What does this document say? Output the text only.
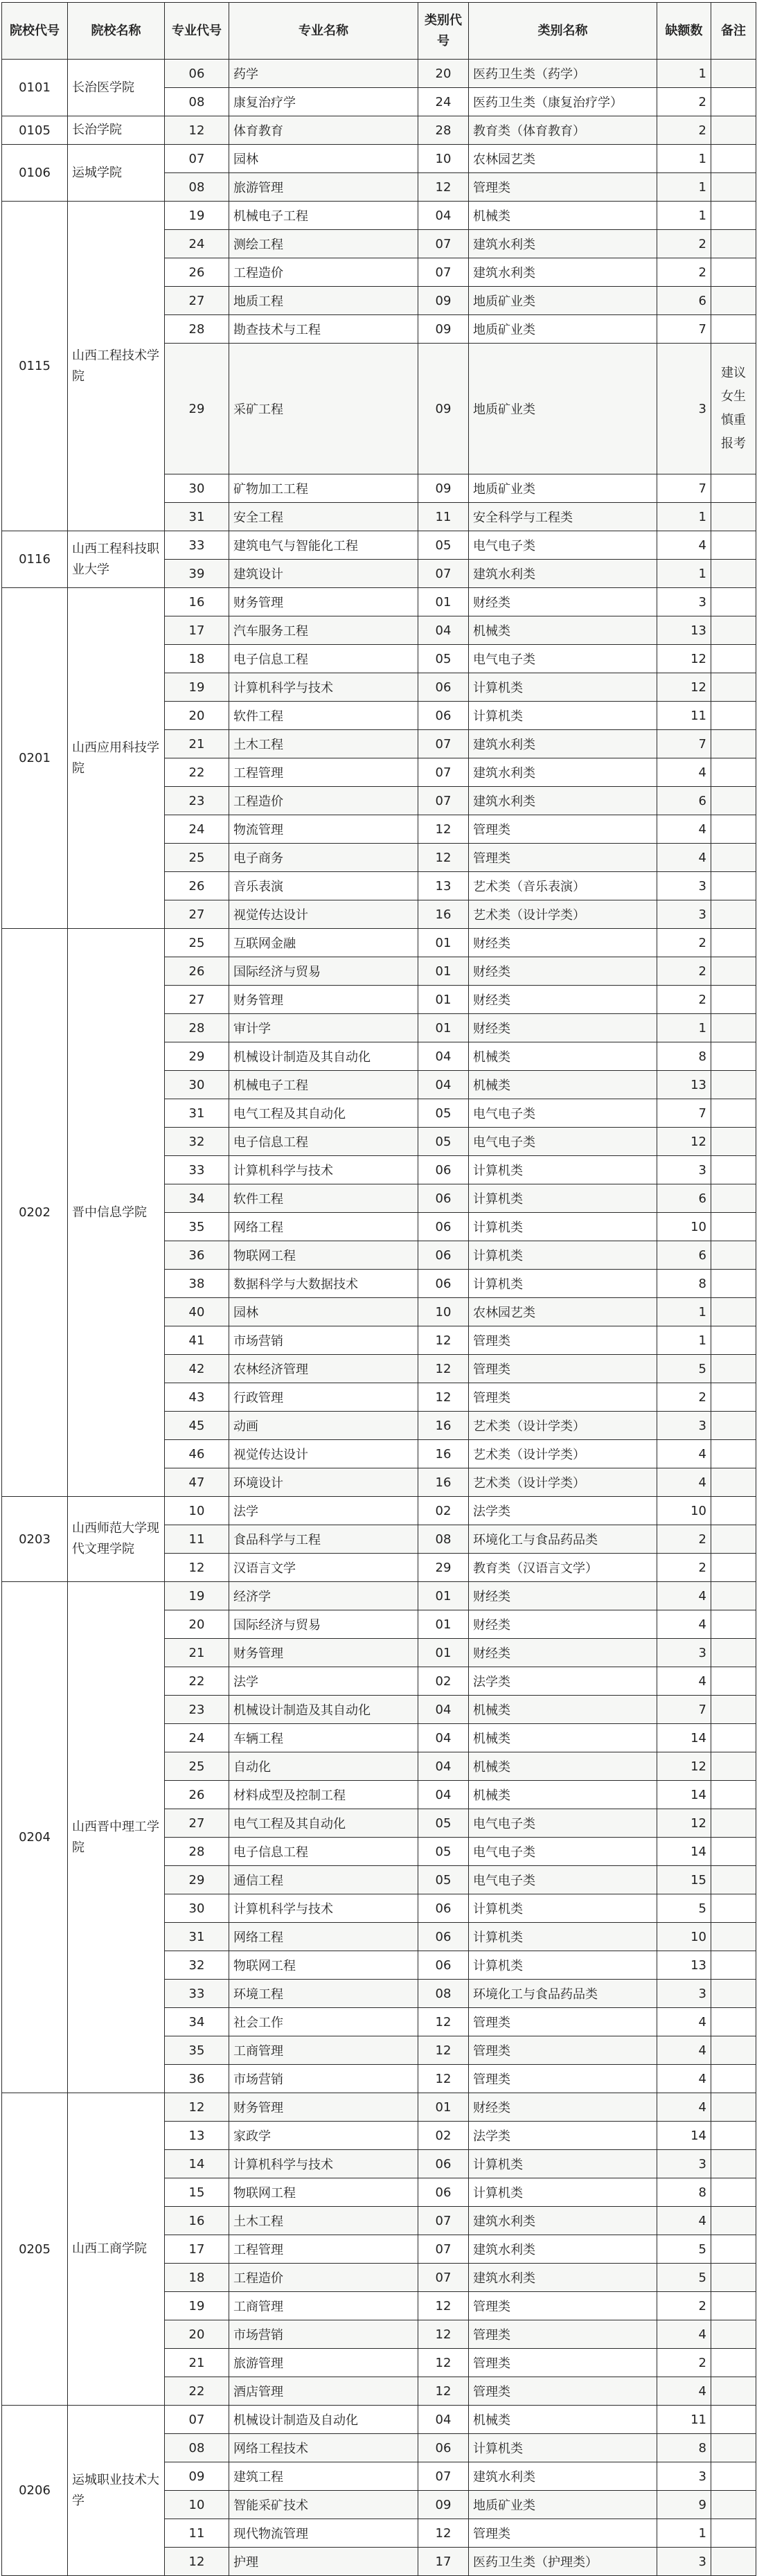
院校代号	院校名称	专业代号	专业名称	类别代号	类别名称	缺额数	备注
0101	长治医学院	06	药学	20	医药卫生类（药学）	1	
		08	康复治疗学	24	医药卫生类（康复治疗学）	2	
0105	长治学院	12	体育教育	28	教育类（体育教育）	2	
0106	运城学院	07	园林	10	农林园艺类	1	
		08	旅游管理	12	管理类	1	
0115	山西工程技术学院	19	机械电子工程	04	机械类	1	
		24	测绘工程	07	建筑水利类	2	
		26	工程造价	07	建筑水利类	2	
		27	地质工程	09	地质矿业类	6	
		28	勘查技术与工程	09	地质矿业类	7	
		29	采矿工程	09	地质矿业类	3	建议女生慎重报考
		30	矿物加工工程	09	地质矿业类	7	
		31	安全工程	11	安全科学与工程类	1	
0116	山西工程科技职业大学	33	建筑电气与智能化工程	05	电气电子类	4	
		39	建筑设计	07	建筑水利类	1	
0201	山西应用科技学院	16	财务管理	01	财经类	3	
		17	汽车服务工程	04	机械类	13	
		18	电子信息工程	05	电气电子类	12	
		19	计算机科学与技术	06	计算机类	12	
		20	软件工程	06	计算机类	11	
		21	土木工程	07	建筑水利类	7	
		22	工程管理	07	建筑水利类	4	
		23	工程造价	07	建筑水利类	6	
		24	物流管理	12	管理类	4	
		25	电子商务	12	管理类	4	
		26	音乐表演	13	艺术类（音乐表演）	3	
		27	视觉传达设计	16	艺术类（设计学类）	3	
0202	晋中信息学院	25	互联网金融	01	财经类	2	
		26	国际经济与贸易	01	财经类	2	
		27	财务管理	01	财经类	2	
		28	审计学	01	财经类	1	
		29	机械设计制造及其自动化	04	机械类	8	
		30	机械电子工程	04	机械类	13	
		31	电气工程及其自动化	05	电气电子类	7	
		32	电子信息工程	05	电气电子类	12	
		33	计算机科学与技术	06	计算机类	3	
		34	软件工程	06	计算机类	6	
		35	网络工程	06	计算机类	10	
		36	物联网工程	06	计算机类	6	
		38	数据科学与大数据技术	06	计算机类	8	
		40	园林	10	农林园艺类	1	
		41	市场营销	12	管理类	1	
		42	农林经济管理	12	管理类	5	
		43	行政管理	12	管理类	2	
		45	动画	16	艺术类（设计学类）	3	
		46	视觉传达设计	16	艺术类（设计学类）	4	
		47	环境设计	16	艺术类（设计学类）	4	
0203	山西师范大学现代文理学院	10	法学	02	法学类	10	
		11	食品科学与工程	08	环境化工与食品药品类	2	
		12	汉语言文学	29	教育类（汉语言文学）	2	
0204	山西晋中理工学院	19	经济学	01	财经类	4	
		20	国际经济与贸易	01	财经类	4	
		21	财务管理	01	财经类	3	
		22	法学	02	法学类	4	
		23	机械设计制造及其自动化	04	机械类	7	
		24	车辆工程	04	机械类	14	
		25	自动化	04	机械类	12	
		26	材料成型及控制工程	04	机械类	14	
		27	电气工程及其自动化	05	电气电子类	12	
		28	电子信息工程	05	电气电子类	14	
		29	通信工程	05	电气电子类	15	
		30	计算机科学与技术	06	计算机类	5	
		31	网络工程	06	计算机类	10	
		32	物联网工程	06	计算机类	13	
		33	环境工程	08	环境化工与食品药品类	3	
		34	社会工作	12	管理类	4	
		35	工商管理	12	管理类	4	
		36	市场营销	12	管理类	4	
0205	山西工商学院	12	财务管理	01	财经类	4	
		13	家政学	02	法学类	14	
		14	计算机科学与技术	06	计算机类	3	
		15	物联网工程	06	计算机类	8	
		16	土木工程	07	建筑水利类	4	
		17	工程管理	07	建筑水利类	5	
		18	工程造价	07	建筑水利类	5	
		19	工商管理	12	管理类	2	
		20	市场营销	12	管理类	4	
		21	旅游管理	12	管理类	2	
		22	酒店管理	12	管理类	4	
0206	运城职业技术大学	07	机械设计制造及自动化	04	机械类	11	
		08	网络工程技术	06	计算机类	8	
		09	建筑工程	07	建筑水利类	3	
		10	智能采矿技术	09	地质矿业类	9	
		11	现代物流管理	12	管理类	1	
		12	护理	17	医药卫生类（护理类）	3	
